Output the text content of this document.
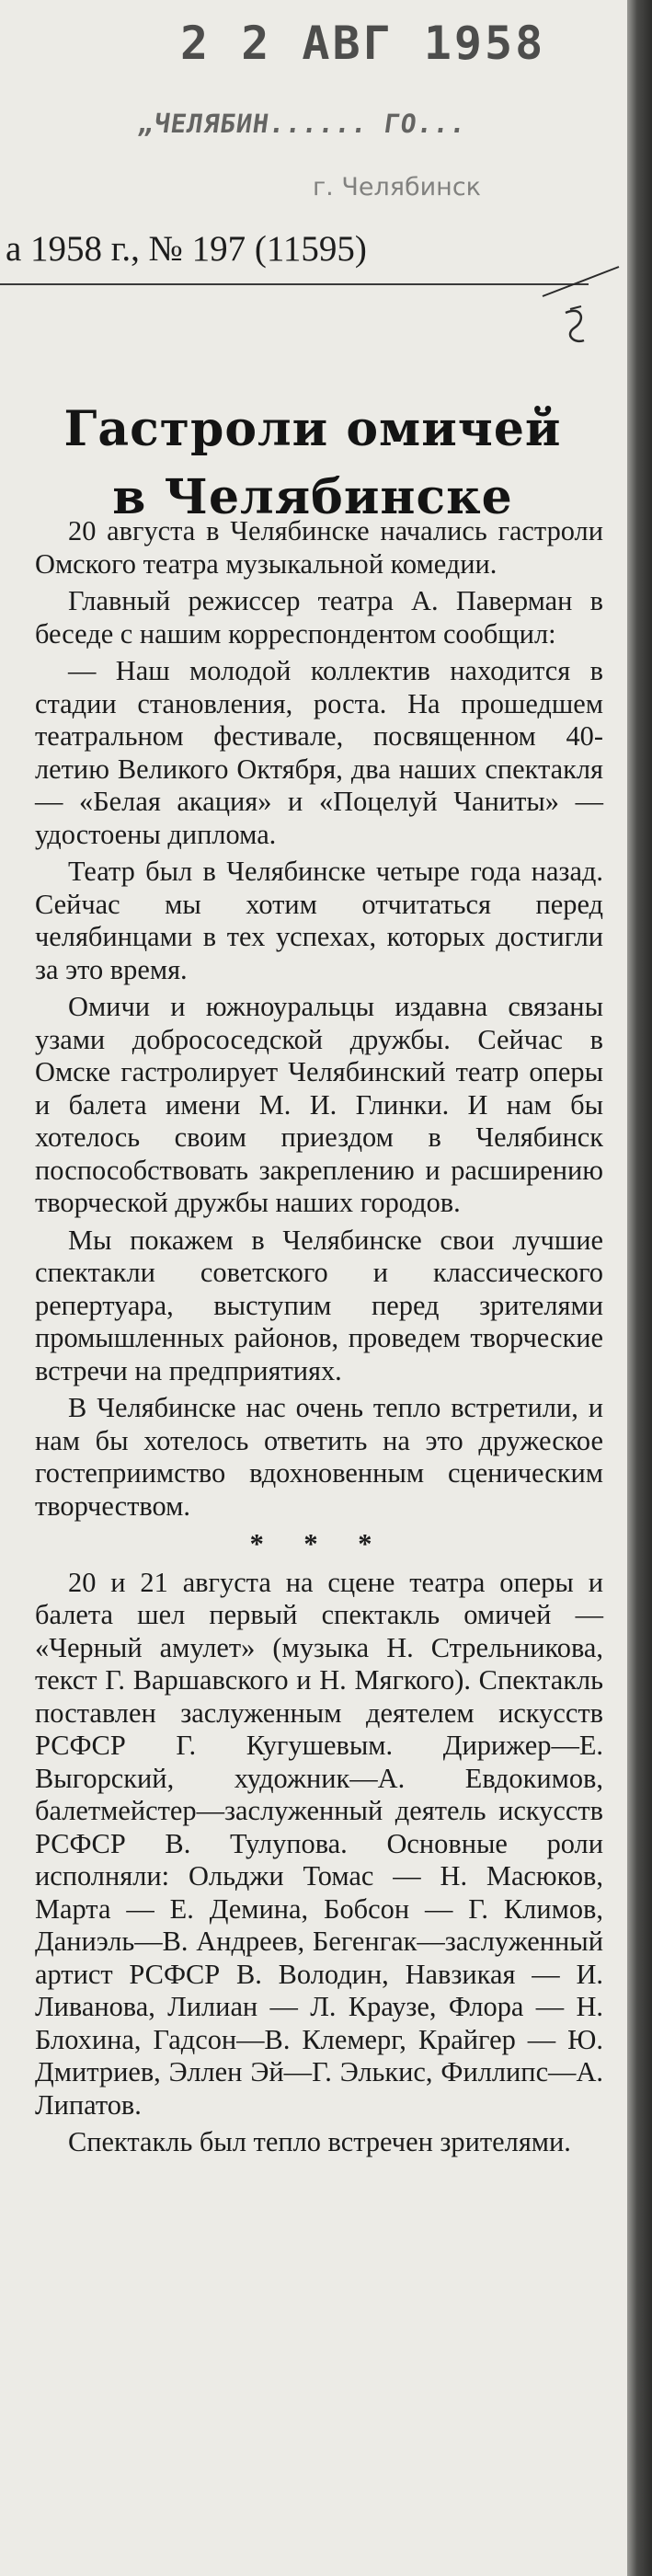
2 2 АВГ 1958
„ЧЕЛЯБИН...... ГО...
г. Челябинск
а 1958 г., № 197 (11595)
Гастроли омичей
в Челябинске

20 августа в Челябинске начались гастроли Омского театра музыкальной комедии.

Главный режиссер театра А. Паверман в беседе с нашим корреспондентом сообщил:

— Наш молодой коллектив находится в стадии становления, роста. На прошедшем театральном фестивале, посвященном 40-летию Великого Октября, два наших спектакля — «Белая акация» и «Поцелуй Чаниты» — удостоены диплома.

Театр был в Челябинске четыре года назад. Сейчас мы хотим отчитаться перед челябинцами в тех успехах, которых достигли за это время.

Омичи и южноуральцы издавна связаны узами добрососедской дружбы. Сейчас в Омске гастролирует Челябинский театр оперы и балета имени М. И. Глинки. И нам бы хотелось своим приездом в Челябинск поспособствовать закреплению и расширению творческой дружбы наших городов.

Мы покажем в Челябинске свои лучшие спектакли советского и классического репертуара, выступим перед зрителями промышленных районов, проведем творческие встречи на предприятиях.

В Челябинске нас очень тепло встретили, и нам бы хотелось ответить на это дружеское гостеприимство вдохновенным сценическим творчеством.

* * *

20 и 21 августа на сцене театра оперы и балета шел первый спектакль омичей — «Черный амулет» (музыка Н. Стрельникова, текст Г. Варшавского и Н. Мягкого). Спектакль поставлен заслуженным деятелем искусств РСФСР Г. Кугушевым. Дирижер—Е. Выгорский, художник—А. Евдокимов, балетмейстер—заслуженный деятель искусств РСФСР В. Тулупова. Основные роли исполняли: Ольджи Томас — Н. Масюков, Марта — Е. Демина, Бобсон — Г. Климов, Даниэль—В. Андреев, Бегенгак—заслуженный артист РСФСР В. Володин, Навзикая — И. Ливанова, Лилиан — Л. Краузе, Флора — Н. Блохина, Гадсон—В. Клемерг, Крайгер — Ю. Дмитриев, Эллен Эй—Г. Элькис, Филлипс—А. Липатов.

Спектакль был тепло встречен зрителями.
